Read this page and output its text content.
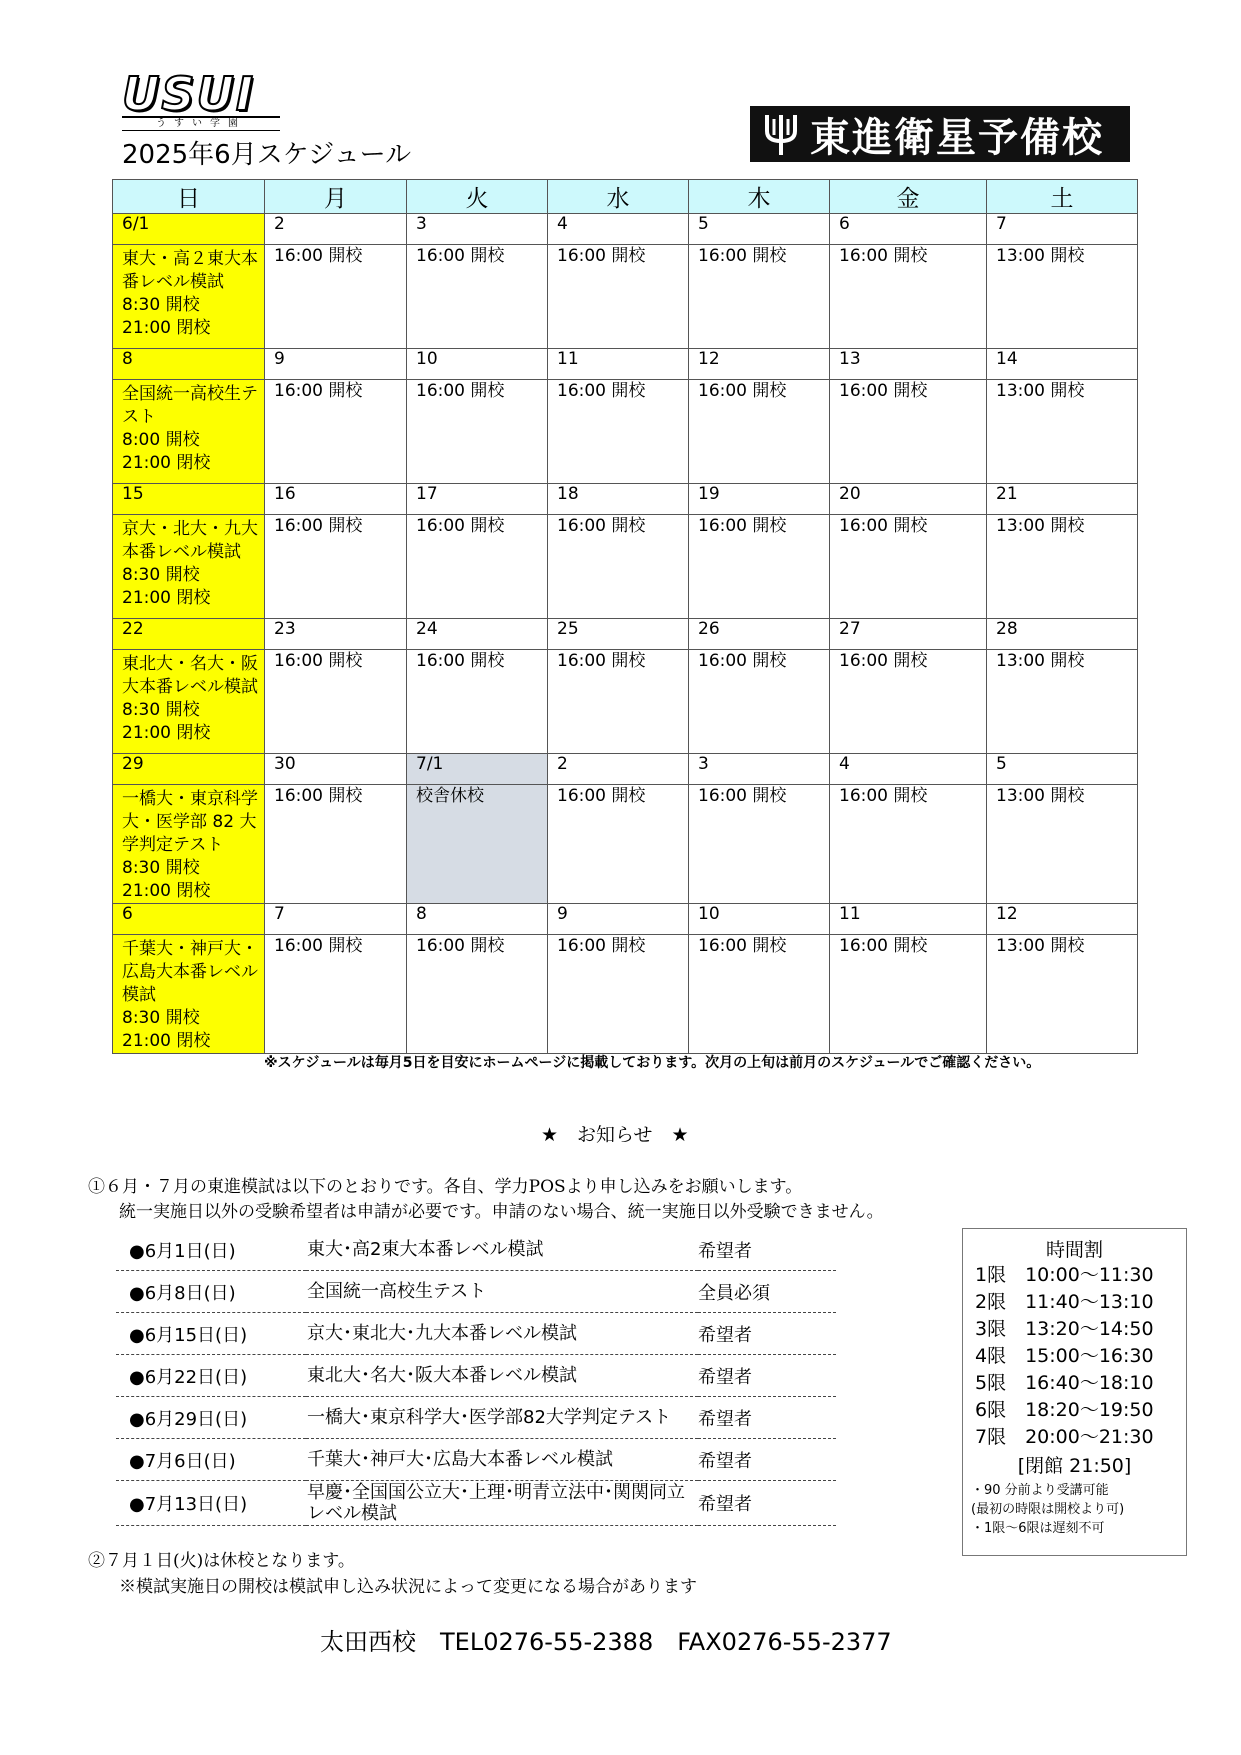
USUI
うすい学園
2025年6月スケジュール	東進衛星予備校
日	月	火	水	木	金	土
6/1	2	3	4	5	6	7
東大・高２東大本番レベル模試
8:30 開校
21:00 閉校	16:00 開校	16:00 開校	16:00 開校	16:00 開校	16:00 開校	13:00 開校
8	9	10	11	12	13	14
全国統一高校生テスト
8:00 開校
21:00 閉校	16:00 開校	16:00 開校	16:00 開校	16:00 開校	16:00 開校	13:00 開校
15	16	17	18	19	20	21
京大・北大・九大本番レベル模試
8:30 開校
21:00 閉校	16:00 開校	16:00 開校	16:00 開校	16:00 開校	16:00 開校	13:00 開校
22	23	24	25	26	27	28
東北大・名大・阪大本番レベル模試
8:30 開校
21:00 閉校	16:00 開校	16:00 開校	16:00 開校	16:00 開校	16:00 開校	13:00 開校
29	30	7/1	2	3	4	5
一橋大・東京科学大・医学部 82 大学判定テスト
8:30 開校
21:00 閉校	16:00 開校	校舎休校	16:00 開校	16:00 開校	16:00 開校	13:00 開校
6	7	8	9	10	11	12
千葉大・神戸大・広島大本番レベル模試
8:30 開校
21:00 閉校	16:00 開校	16:00 開校	16:00 開校	16:00 開校	16:00 開校	13:00 開校
※スケジュールは毎月5日を目安にホームページに掲載しております。次月の上旬は前月のスケジュールでご確認ください。
★　お知らせ　★
①６月・７月の東進模試は以下のとおりです。各自、学力POSより申し込みをお願いします。
統一実施日以外の受験希望者は申請が必要です。申請のない場合、統一実施日以外受験できません。
●6月1日(日)	東大･高2東大本番レベル模試	希望者
●6月8日(日)	全国統一高校生テスト	全員必須
●6月15日(日)	京大･東北大･九大本番レベル模試	希望者
●6月22日(日)	東北大･名大･阪大本番レベル模試	希望者
●6月29日(日)	一橋大･東京科学大･医学部82大学判定テスト	希望者
●7月6日(日)	千葉大･神戸大･広島大本番レベル模試	希望者
●7月13日(日)	早慶･全国国公立大･上理･明青立法中･関関同立レベル模試	希望者
時間割
1限　10:00～11:30
2限　11:40～13:10
3限　13:20～14:50
4限　15:00～16:30
5限　16:40～18:10
6限　18:20～19:50
7限　20:00～21:30
[閉館 21:50]
・90 分前より受講可能
(最初の時限は開校より可)
・1限～6限は遅刻不可
②７月１日(火)は休校となります。
※模試実施日の開校は模試申し込み状況によって変更になる場合があります
太田西校　TEL0276-55-2388　FAX0276-55-2377
